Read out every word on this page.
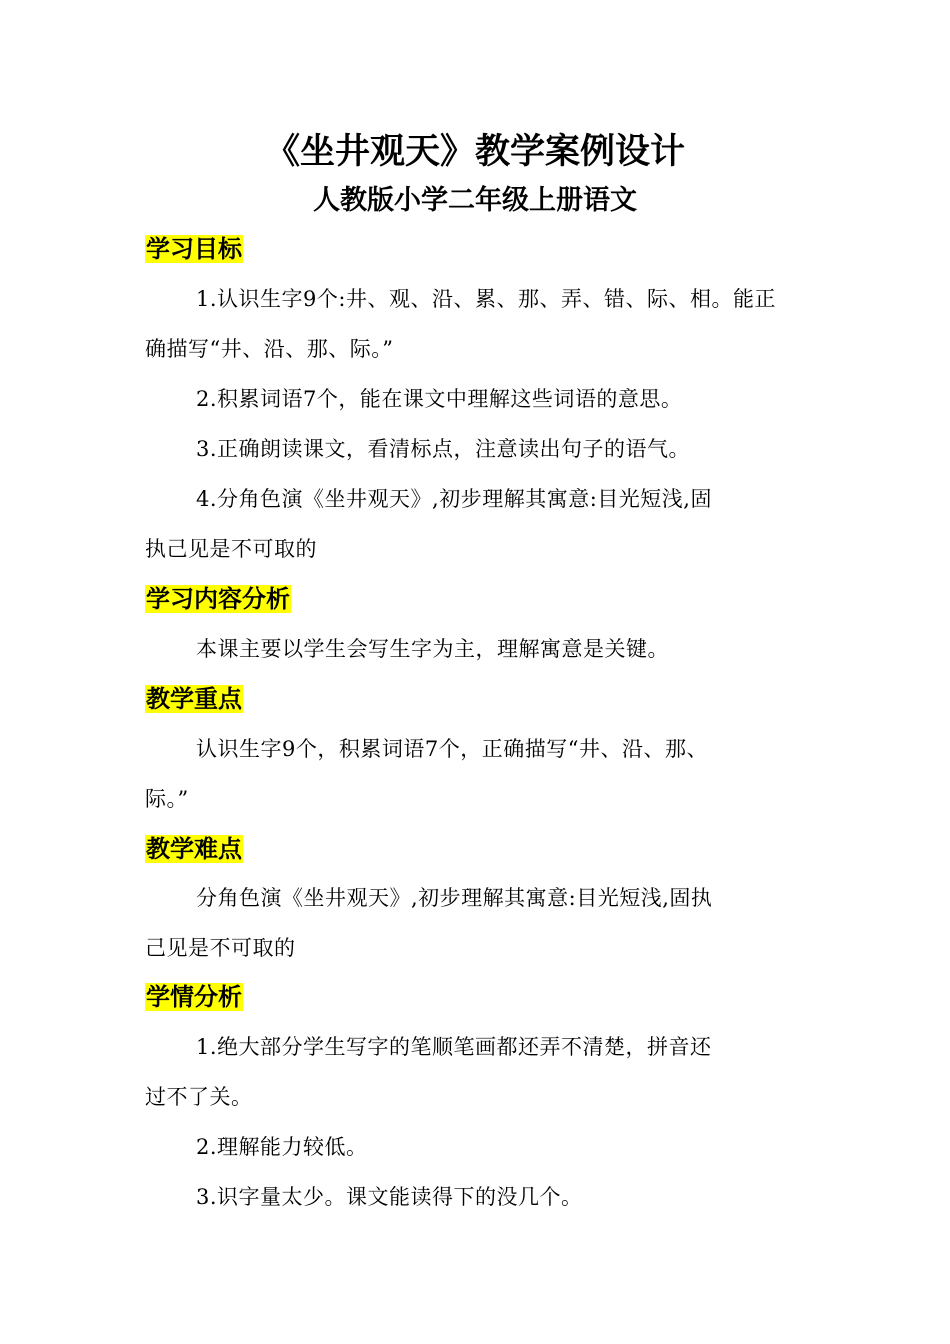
《坐井观天》教学案例设计
人教版小学二年级上册语文
学习目标
1.认识生字9个:井、观、沿、累、那、弄、错、际、相。能正
确描写“井、沿、那、际。”
2.积累词语7个，能在课文中理解这些词语的意思。
3.正确朗读课文，看清标点，注意读出句子的语气。
4.分角色演《坐井观天》,初步理解其寓意:目光短浅,固
执己见是不可取的
学习内容分析
本课主要以学生会写生字为主，理解寓意是关键。
教学重点
认识生字9个，积累词语7个，正确描写“井、沿、那、
际。”
教学难点
分角色演《坐井观天》,初步理解其寓意:目光短浅,固执
己见是不可取的
学情分析
1.绝大部分学生写字的笔顺笔画都还弄不清楚，拼音还
过不了关。
2.理解能力较低。
3.识字量太少。课文能读得下的没几个。
